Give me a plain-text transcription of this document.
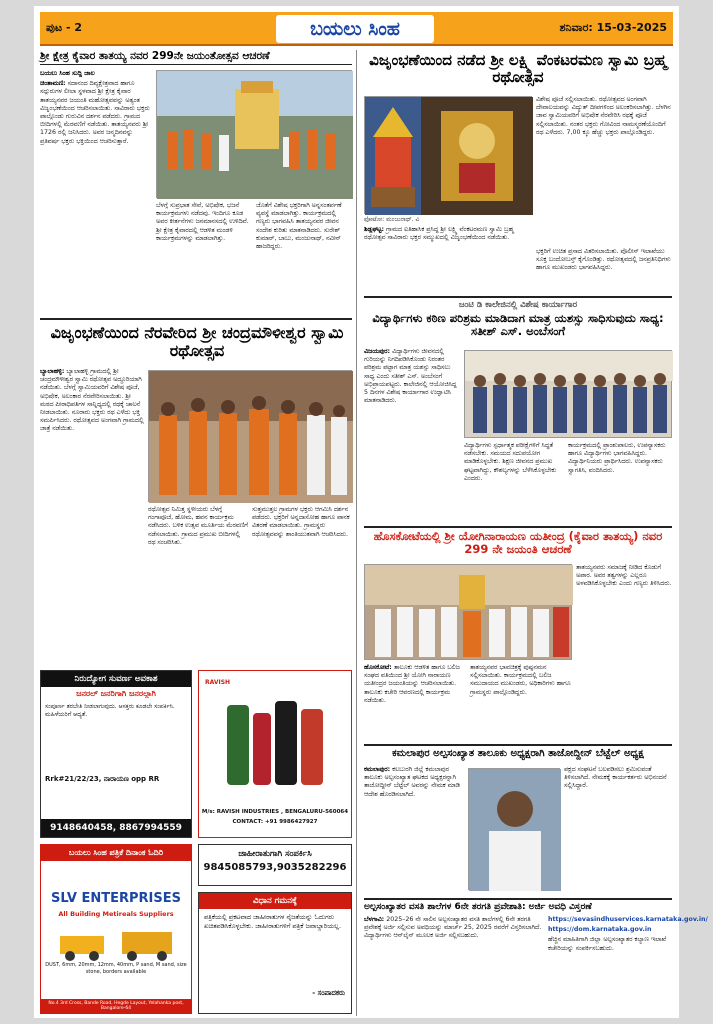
ಪುಟ - 2	ಬಯಲು ಸಿಂಹ	ಶನಿವಾರ: 15-03-2025
ಶ್ರೀ ಕ್ಷೇತ್ರ ಕೈವಾರ ತಾತಯ್ಯ ನವರ 299ನೇ ಜಯಂತೋತ್ಸವ ಆಚರಣೆ

ಬಯಲು ಸಿಂಹ ಸುದ್ದಿ ಜಾಲ

ಚಿಂತಾಮಣಿ: ಸದಾನಂದ ದಿವ್ಯಕ್ಷೇತ್ರವಾದ ಹಾಗೂ ಸದ್ಗುರುಗಳ ಲೀಲಾ ಸ್ಥಳವಾದ ಶ್ರೀ ಕ್ಷೇತ್ರ ಕೈವಾರ ತಾತಯ್ಯನವರ ಜಯಂತಿ ಮಹೋತ್ಸವವನ್ನು ಅತ್ಯಂತ ವಿಜೃಂಭಣೆಯಿಂದ ಆಚರಿಸಲಾಯಿತು. ಸಾವಿರಾರು ಭಕ್ತರು ಪಾಲ್ಗೊಂಡು ಗುರುವಿನ ದರ್ಶನ ಪಡೆದರು. ಗ್ರಾಮದ ಬೀದಿಗಳಲ್ಲಿ ಮೆರವಣಿಗೆ ನಡೆಯಿತು. ತಾತಯ್ಯನವರು ಶ್ರೀ 1726 ರಲ್ಲಿ ಜನಿಸಿದರು. ಅವರ ಜನ್ಮದಿನವನ್ನು ಪ್ರತಿವರ್ಷ ಭಕ್ತರು ಭಕ್ತಿಯಿಂದ ಆಚರಿಸುತ್ತಾರೆ.

ಬೆಳಗ್ಗೆ ಸುಪ್ರಭಾತ ಸೇವೆ, ಅಭಿಷೇಕ, ಭಜನೆ ಕಾರ್ಯಕ್ರಮಗಳು ನಡೆದವು. ಇಂದಿಗೂ ಕೂಡ ಅವರ ಕೀರ್ತನೆಗಳು ಜನಮಾನಸದಲ್ಲಿ ಉಳಿದಿವೆ. ಶ್ರೀ ಕ್ಷೇತ್ರ ಕೈವಾರದಲ್ಲಿ ಆಡಳಿತ ಮಂಡಳಿ ಕಾರ್ಯಕ್ರಮಗಳನ್ನು ಮಾಡಲಾಗಿತ್ತು.
ಜೊತೆಗೆ ವಿಶೇಷ ಭಕ್ತರಿಗಾಗಿ ಅನ್ನಸಂತರ್ಪಣೆ ವ್ಯವಸ್ಥೆ ಮಾಡಲಾಗಿತ್ತು. ಕಾರ್ಯಕ್ರಮದಲ್ಲಿ ಗಣ್ಯರು ಭಾಗವಹಿಸಿ ತಾತಯ್ಯನವರ ಜೀವನ ಸಂದೇಶ ಕುರಿತು ಮಾತನಾಡಿದರು. ಸುರೇಶ್ ಕುಮಾರ್, ಬಾಬು, ಮಂಜುನಾಥ್, ನವೀನ್ ಹಾಜರಿದ್ದರು.
ವಿಜೃಂಭಣೆಯಿಂದ ನೆರವೇರಿದ ಶ್ರೀ ಚಂದ್ರಮೌಳೀಶ್ವರ ಸ್ವಾಮಿ ರಥೋತ್ಸವ

ಬ್ಯಾಲಾಹಳ್ಳಿ: ಬ್ಯಾಲಾಹಳ್ಳಿ ಗ್ರಾಮದಲ್ಲಿ ಶ್ರೀ ಚಂದ್ರಮೌಳೀಶ್ವರ ಸ್ವಾಮಿ ರಥೋತ್ಸವ ಅದ್ದೂರಿಯಾಗಿ ನಡೆಯಿತು. ಬೆಳಗ್ಗೆ ಸ್ವಾಮಿಯವರಿಗೆ ವಿಶೇಷ ಪೂಜೆ, ಅಭಿಷೇಕ, ಅಲಂಕಾರ ನೆರವೇರಿಸಲಾಯಿತು. ಶ್ರೀ ಮಠದ ಪೀಠಾಧಿಪತಿಗಳ ಸಾನ್ನಿಧ್ಯದಲ್ಲಿ ರಥಕ್ಕೆ ಚಾಲನೆ ನೀಡಲಾಯಿತು. ನೂರಾರು ಭಕ್ತರು ರಥ ಎಳೆದು ಭಕ್ತಿ ಸಮರ್ಪಿಸಿದರು. ರಥೋತ್ಸವದ ಅಂಗವಾಗಿ ಗ್ರಾಮದಲ್ಲಿ ಜಾತ್ರೆ ನಡೆಯಿತು.

ರಥೋತ್ಸವ ನಿಮಿತ್ತ ಸ್ಥಳೀಯರು ಬೆಳಗ್ಗೆ ಗಂಗಾಪೂಜೆ, ಹೋಮ, ಹವನ ಕಾರ್ಯಕ್ರಮ ನಡೆಸಿದರು. ಬಳಿಕ ಉತ್ಸವ ಮೂರ್ತಿಯ ಮೆರವಣಿಗೆ ನಡೆಸಲಾಯಿತು. ಗ್ರಾಮದ ಪ್ರಮುಖ ಬೀದಿಗಳಲ್ಲಿ ರಥ ಸಂಚರಿಸಿತು.
ಸುತ್ತಮುತ್ತಲ ಗ್ರಾಮಗಳ ಭಕ್ತರು ಆಗಮಿಸಿ ದರ್ಶನ ಪಡೆದರು. ಭಕ್ತರಿಗೆ ಅನ್ನದಾಸೋಹ ಹಾಗೂ ಪಾನಕ ವಿತರಣೆ ಮಾಡಲಾಯಿತು. ಗ್ರಾಮಸ್ಥರು ರಥೋತ್ಸವವನ್ನು ಶಾಂತಿಯುತವಾಗಿ ಆಚರಿಸಿದರು.
ನಿರುದ್ಯೋಗ ಸುವರ್ಣ ಅವಕಾಶ
ಜನರಲ್ ಜನರಿಗಾಗಿ ಜನರಲ್ಗಾಗಿ
ಸಂಪೂರ್ಣ ತರಬೇತಿ ನೀಡಲಾಗುವುದು. ಆಸಕ್ತರು ಕೂಡಲೇ ಸಂಪರ್ಕಿಸಿ. ಮಹಿಳೆಯರಿಗೆ ಆದ್ಯತೆ.
Rrk#21/22/23, ನಾರಾಯಣ opp RR
9148640458, 8867994559
RAVISH
M/s: RAVISH INDUSTRIES , BENGALURU-560064
CONTACT: +91 9986427927
ಬಯಲು ಸಿಂಹ ಪತ್ರಿಕೆ ದಿನಾಂಕ ಓದಿರಿ
SLV ENTERPRISES
All Building Metireals Suppliers
DUST, 6mm, 20mm, 12mm, 40mm, P sand, M sand, size stone, borders available
No.4 3rd Cross, Bande Road, Hegde Layout, Yelahanka post, Bangalore-64
ಜಾಹೀರಾತುಗಾಗಿ ಸಂಪರ್ಕಿಸಿ
9845085793,9035282296
ವಿಧಾನ ಗಮನಕ್ಕೆ
ಪತ್ರಿಕೆಯಲ್ಲಿ ಪ್ರಕಟವಾದ ಜಾಹೀರಾತುಗಳ ನೈಜತೆಯನ್ನು ಓದುಗರು ಖಚಿತಪಡಿಸಿಕೊಳ್ಳಬೇಕು. ಜಾಹೀರಾತುಗಳಿಗೆ ಪತ್ರಿಕೆ ಜವಾಬ್ದಾರಿಯಲ್ಲ.
- ಸಂಪಾದಕರು
ವಿಜೃಂಭಣೆಯಿಂದ ನಡೆದ ಶ್ರೀ ಲಕ್ಷ್ಮಿ ವೆಂಕಟರಮಣ ಸ್ವಾಮಿ ಬ್ರಹ್ಮ ರಥೋತ್ಸವ
ವಿಶೇಷ ಪೂಜೆ ಸಲ್ಲಿಸಲಾಯಿತು. ರಥೋತ್ಸವದ ಅಂಗವಾಗಿ ದೇವಾಲಯವನ್ನು ವಿದ್ಯುತ್ ದೀಪಗಳಿಂದ ಅಲಂಕರಿಸಲಾಗಿತ್ತು. ಬೆಳಗಿನ ಜಾವ ಸ್ವಾಮಿಯವರಿಗೆ ಅಭಿಷೇಕ ನೆರವೇರಿಸಿ ರಥಕ್ಕೆ ಪೂಜೆ ಸಲ್ಲಿಸಲಾಯಿತು. ನಂತರ ಭಕ್ತರು ಗೋವಿಂದ ನಾಮಸ್ಮರಣೆಯೊಂದಿಗೆ ರಥ ಎಳೆದರು. 7,00 ಕ್ಕೂ ಹೆಚ್ಚು ಭಕ್ತರು ಪಾಲ್ಗೊಂಡಿದ್ದರು.
ಫೋಟೋ: ಮಂಜುನಾಥ್. ವಿ

ಶಿಡ್ಲಘಟ್ಟ: ಗ್ರಾಮದ ಐತಿಹಾಸಿಕ ಪ್ರಸಿದ್ಧ ಶ್ರೀ ಲಕ್ಷ್ಮಿ ವೆಂಕಟರಮಣ ಸ್ವಾಮಿ ಬ್ರಹ್ಮ ರಥೋತ್ಸವ ಸಾವಿರಾರು ಭಕ್ತರ ಸಮ್ಮುಖದಲ್ಲಿ ವಿಜೃಂಭಣೆಯಿಂದ ನಡೆಯಿತು.

ಭಕ್ತರಿಗೆ ಉಚಿತ ಪ್ರಸಾದ ವಿತರಿಸಲಾಯಿತು. ಪೊಲೀಸ್ ಇಲಾಖೆಯು ಸೂಕ್ತ ಬಂದೋಬಸ್ತ್ ಕೈಗೊಂಡಿತ್ತು. ರಥೋತ್ಸವದಲ್ಲಿ ಜನಪ್ರತಿನಿಧಿಗಳು ಹಾಗೂ ಮುಖಂಡರು ಭಾಗವಹಿಸಿದ್ದರು.
ಜಂಟಿ ಡಿ ಕಾಲೇಜಿನಲ್ಲಿ ವಿಶೇಷ ಕಾರ್ಯಾಗಾರ
ವಿದ್ಯಾರ್ಥಿಗಳು ಕಠಿಣ ಪರಿಶ್ರಮ ಮಾಡಿದಾಗ ಮಾತ್ರ ಯಶಸ್ಸು ಸಾಧಿಸುವುದು ಸಾಧ್ಯ: ಸತೀಶ್ ಎಸ್. ಅಂಬೆಸಂಗೆ

ವಿಜಯಪುರ: ವಿದ್ಯಾರ್ಥಿಗಳು ಜೀವನದಲ್ಲಿ ಗುರಿಯನ್ನು ನಿಗದಿಪಡಿಸಿಕೊಂಡು ನಿರಂತರ ಪರಿಶ್ರಮ ಪಟ್ಟಾಗ ಮಾತ್ರ ಯಶಸ್ಸು ಸಾಧಿಸಲು ಸಾಧ್ಯ ಎಂದು ಸತೀಶ್ ಎಸ್. ಅಂಬೆಸಂಗೆ ಅಭಿಪ್ರಾಯಪಟ್ಟರು. ಕಾಲೇಜಿನಲ್ಲಿ ಆಯೋಜಿಸಿದ್ದ 5 ದಿನಗಳ ವಿಶೇಷ ಕಾರ್ಯಾಗಾರ ಉದ್ಘಾಟಿಸಿ ಮಾತನಾಡಿದರು.

ವಿದ್ಯಾರ್ಥಿಗಳು ಸ್ಪರ್ಧಾತ್ಮಕ ಪರೀಕ್ಷೆಗಳಿಗೆ ಸಿದ್ಧತೆ ನಡೆಸಬೇಕು. ಸಮಯದ ಸದುಪಯೋಗ ಮಾಡಿಕೊಳ್ಳಬೇಕು. ಶಿಕ್ಷಣ ಜೀವನದ ಪ್ರಮುಖ ಘಟ್ಟವಾಗಿದ್ದು, ಕೌಶಲ್ಯಗಳನ್ನು ಬೆಳೆಸಿಕೊಳ್ಳಬೇಕು ಎಂದರು.
ಕಾರ್ಯಕ್ರಮದಲ್ಲಿ ಪ್ರಾಂಶುಪಾಲರು, ಉಪನ್ಯಾಸಕರು ಹಾಗೂ ವಿದ್ಯಾರ್ಥಿಗಳು ಭಾಗವಹಿಸಿದ್ದರು. ವಿದ್ಯಾರ್ಥಿನಿಯರು ಪ್ರಾರ್ಥಿಸಿದರು. ಉಪನ್ಯಾಸಕರು ಸ್ವಾಗತಿಸಿ, ವಂದಿಸಿದರು.
ಹೊಸಕೋಟೆಯಲ್ಲಿ ಶ್ರೀ ಯೋಗಿನಾರಾಯಣ ಯತೀಂದ್ರ (ಕೈವಾರ ತಾತಯ್ಯ) ನವರ 299 ನೇ ಜಯಂತಿ ಆಚರಣೆ
ತಾತಯ್ಯನವರು ಸಮಾಜಕ್ಕೆ ನೀಡಿದ ಕೊಡುಗೆ ಅಪಾರ. ಅವರ ತತ್ವಗಳನ್ನು ಎಲ್ಲರೂ ಅಳವಡಿಸಿಕೊಳ್ಳಬೇಕು ಎಂದು ಗಣ್ಯರು ತಿಳಿಸಿದರು.

ಹೊಸಕೋಟೆ: ತಾಲೂಕು ಆಡಳಿತ ಹಾಗೂ ಬಲಿಜ ಸಂಘದ ವತಿಯಿಂದ ಶ್ರೀ ಯೋಗಿ ನಾರಾಯಣ ಯತೀಂದ್ರರ ಜಯಂತಿಯನ್ನು ಆಚರಿಸಲಾಯಿತು. ತಾಲೂಕು ಕಚೇರಿ ಆವರಣದಲ್ಲಿ ಕಾರ್ಯಕ್ರಮ ನಡೆಯಿತು.

ತಾತಯ್ಯನವರ ಭಾವಚಿತ್ರಕ್ಕೆ ಪುಷ್ಪನಮನ ಸಲ್ಲಿಸಲಾಯಿತು. ಕಾರ್ಯಕ್ರಮದಲ್ಲಿ ಬಲಿಜ ಸಮುದಾಯದ ಮುಖಂಡರು, ಅಧಿಕಾರಿಗಳು ಹಾಗೂ ಗ್ರಾಮಸ್ಥರು ಪಾಲ್ಗೊಂಡಿದ್ದರು.
ಕಮಲಾಪುರ ಅಲ್ಪಸಂಖ್ಯಾತ ತಾಲೂಕು ಅಧ್ಯಕ್ಷರಾಗಿ ತಾಜೋದ್ದೀನ್ ಬೆಟ್ಟೆಲ್ ಅಧ್ಯಕ್ಷ

ಕಮಲಾಪುರ: ಕಲಬುರಗಿ ಜಿಲ್ಲೆ ಕಮಲಾಪುರ ತಾಲೂಕು ಅಲ್ಪಸಂಖ್ಯಾತ ಘಟಕದ ಅಧ್ಯಕ್ಷರನ್ನಾಗಿ ತಾಜೋದ್ದೀನ್ ಬೆಟ್ಟೆಲ್ ಅವರನ್ನು ನೇಮಕ ಮಾಡಿ ಆದೇಶ ಹೊರಡಿಸಲಾಗಿದೆ.

ಪಕ್ಷದ ಸಂಘಟನೆ ಬಲಪಡಿಸಲು ಶ್ರಮಿಸುವಂತೆ ತಿಳಿಸಲಾಗಿದೆ. ನೇಮಕಕ್ಕೆ ಕಾರ್ಯಕರ್ತರು ಅಭಿನಂದನೆ ಸಲ್ಲಿಸಿದ್ದಾರೆ.
ಅಲ್ಪಸಂಖ್ಯಾತರ ವಸತಿ ಶಾಲೆಗಳ 6ನೇ ತರಗತಿ ಪ್ರವೇಶಾತಿ: ಅರ್ಜಿ ಅವಧಿ ವಿಸ್ತರಣೆ

ಬೆಳಗಾವಿ: 2025–26 ನೇ ಸಾಲಿನ ಅಲ್ಪಸಂಖ್ಯಾತರ ವಸತಿ ಶಾಲೆಗಳಲ್ಲಿ 6ನೇ ತರಗತಿ ಪ್ರವೇಶಕ್ಕೆ ಅರ್ಜಿ ಸಲ್ಲಿಸುವ ಅವಧಿಯನ್ನು ಮಾರ್ಚ್ 25, 2025 ರವರೆಗೆ ವಿಸ್ತರಿಸಲಾಗಿದೆ. ವಿದ್ಯಾರ್ಥಿಗಳು ಆನ್‌ಲೈನ್ ಮೂಲಕ ಅರ್ಜಿ ಸಲ್ಲಿಸಬಹುದು.

https://sevasindhuservices.karnataka.gov.in/

https://dom.karnataka.gov.in

ಹೆಚ್ಚಿನ ಮಾಹಿತಿಗಾಗಿ ಜಿಲ್ಲಾ ಅಲ್ಪಸಂಖ್ಯಾತರ ಕಲ್ಯಾಣ ಇಲಾಖೆ ಕಚೇರಿಯನ್ನು ಸಂಪರ್ಕಿಸಬಹುದು.
